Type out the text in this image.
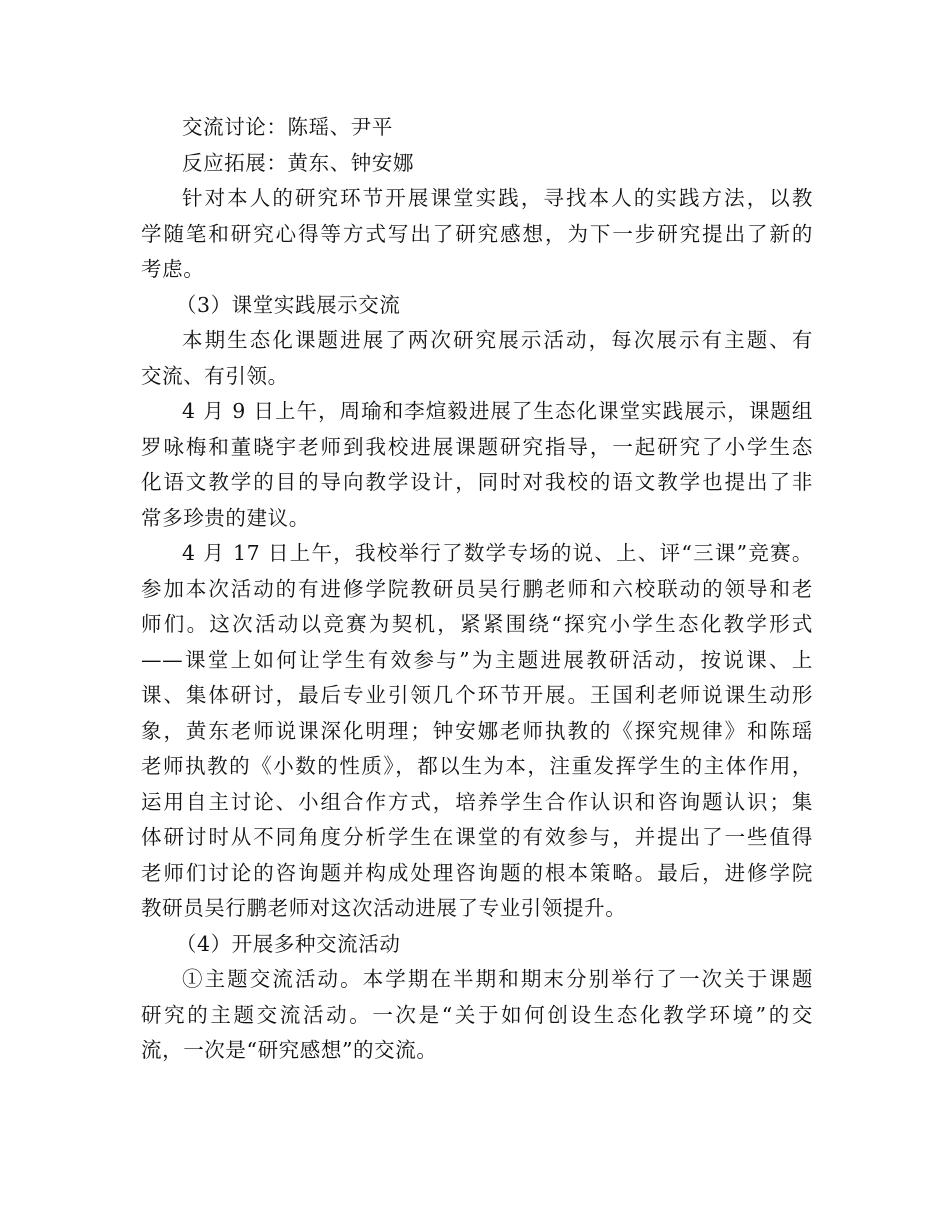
交流讨论：陈瑶、尹平

反应拓展：黄东、钟安娜

针对本人的研究环节开展课堂实践，寻找本人的实践方法，以教
学随笔和研究心得等方式写出了研究感想，为下一步研究提出了新的
考虑。

（3）课堂实践展示交流

本期生态化课题进展了两次研究展示活动，每次展示有主题、有
交流、有引领。

4 月 9 日上午，周瑜和李煊毅进展了生态化课堂实践展示，课题组
罗咏梅和董晓宇老师到我校进展课题研究指导，一起研究了小学生态
化语文教学的目的导向教学设计，同时对我校的语文教学也提出了非
常多珍贵的建议。

4 月 17 日上午，我校举行了数学专场的说、上、评“三课”竞赛。
参加本次活动的有进修学院教研员吴行鹏老师和六校联动的领导和老
师们。这次活动以竞赛为契机，紧紧围绕“探究小学生态化教学形式
——课堂上如何让学生有效参与”为主题进展教研活动，按说课、上
课、集体研讨，最后专业引领几个环节开展。王国利老师说课生动形
象，黄东老师说课深化明理；钟安娜老师执教的《探究规律》和陈瑶
老师执教的《小数的性质》，都以生为本，注重发挥学生的主体作用，
运用自主讨论、小组合作方式，培养学生合作认识和咨询题认识；集
体研讨时从不同角度分析学生在课堂的有效参与，并提出了一些值得
老师们讨论的咨询题并构成处理咨询题的根本策略。最后，进修学院
教研员吴行鹏老师对这次活动进展了专业引领提升。

（4）开展多种交流活动

①主题交流活动。本学期在半期和期末分别举行了一次关于课题
研究的主题交流活动。一次是“关于如何创设生态化教学环境”的交
流，一次是“研究感想”的交流。
